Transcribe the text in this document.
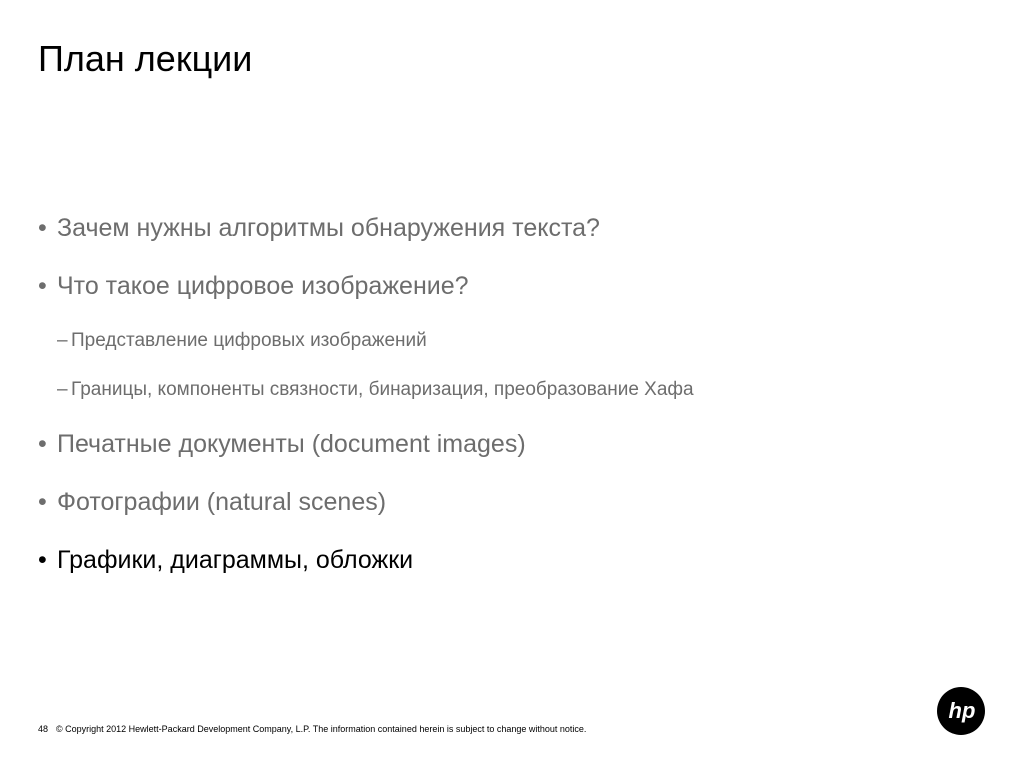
План лекции
• Зачем нужны алгоритмы обнаружения текста?
• Что такое цифровое изображение?
– Представление цифровых изображений
– Границы, компоненты связности, бинаризация, преобразование Хафа
• Печатные документы (document images)
• Фотографии (natural scenes)
• Графики, диаграммы, обложки
48 © Copyright 2012 Hewlett-Packard Development Company, L.P. The information contained herein is subject to change without notice.
hp
